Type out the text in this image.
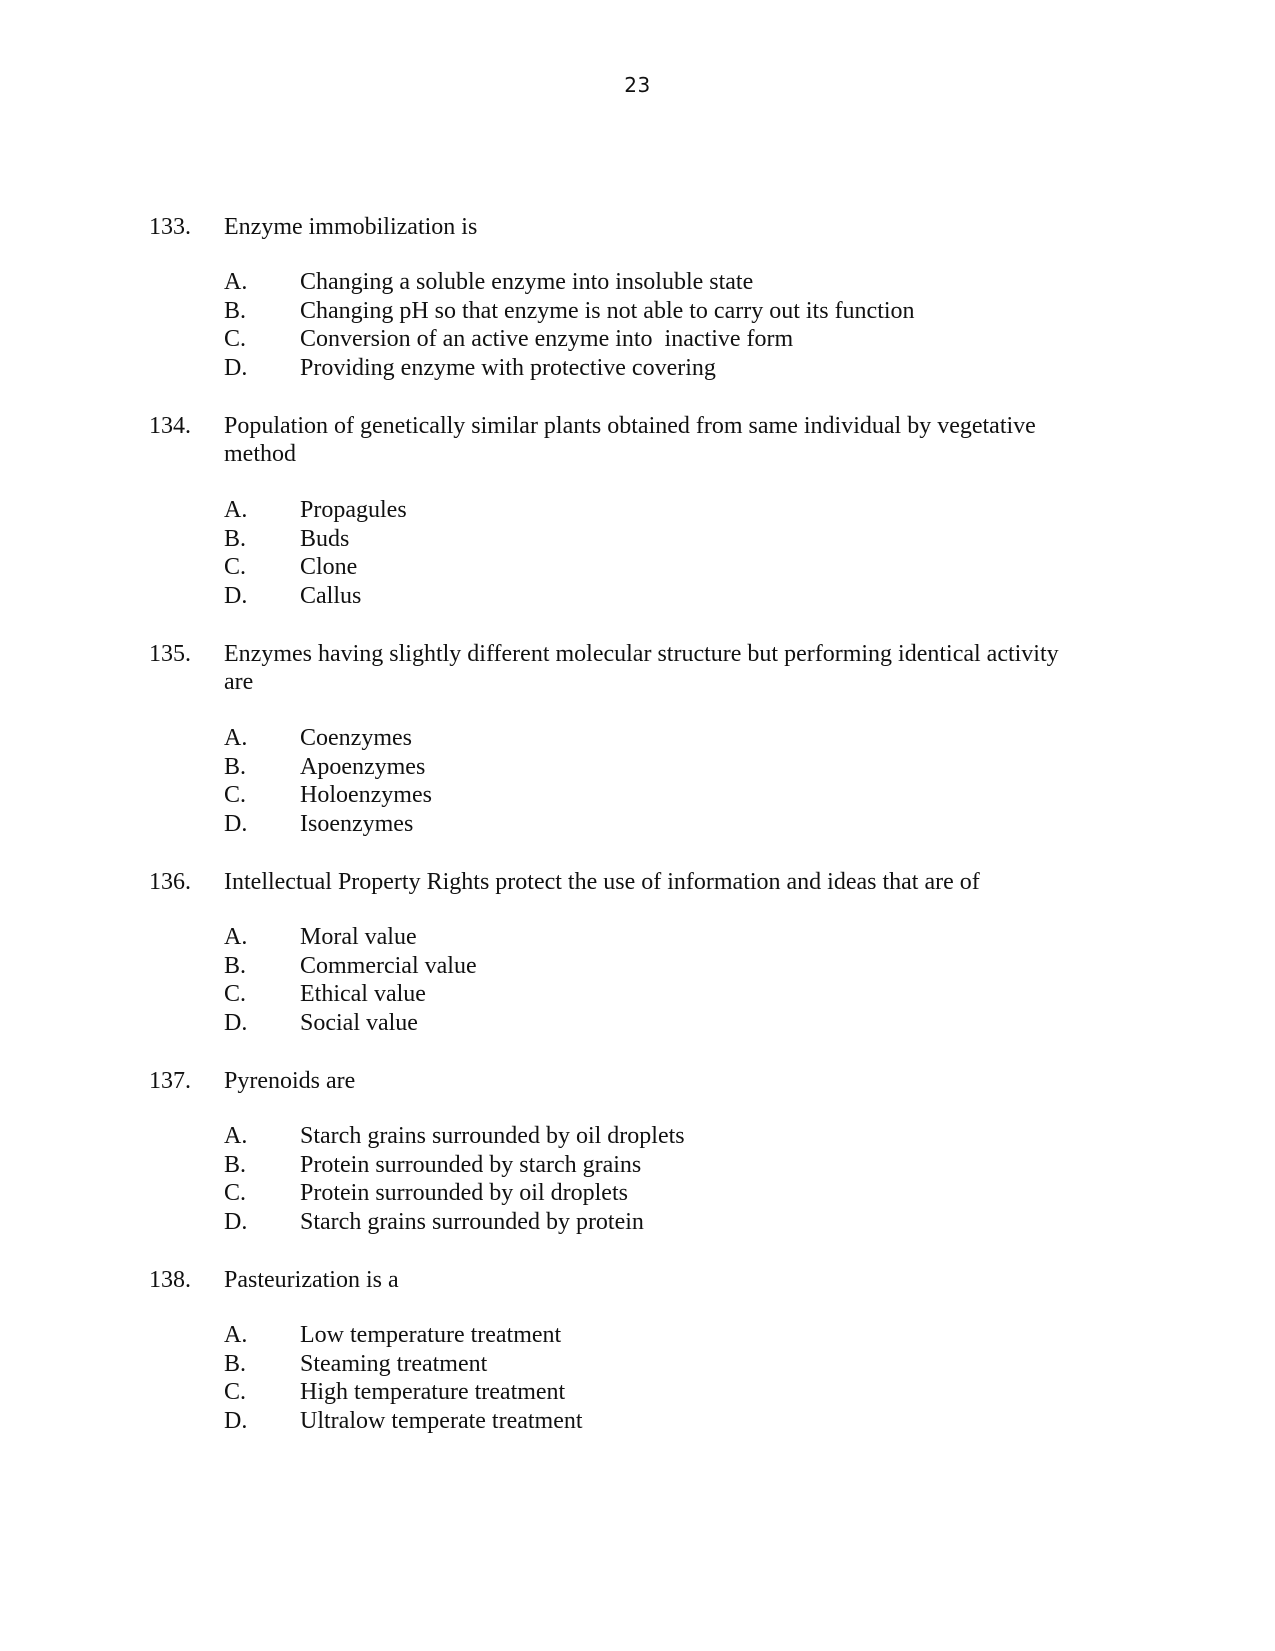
23
133. Enzyme immobilization is
A. Changing a soluble enzyme into insoluble state
B. Changing pH so that enzyme is not able to carry out its function
C. Conversion of an active enzyme into  inactive form
D. Providing enzyme with protective covering
134. Population of genetically similar plants obtained from same individual by vegetative method
A. Propagules
B. Buds
C. Clone
D. Callus
135. Enzymes having slightly different molecular structure but performing identical activity are
A. Coenzymes
B. Apoenzymes
C. Holoenzymes
D. Isoenzymes
136. Intellectual Property Rights protect the use of information and ideas that are of
A. Moral value
B. Commercial value
C. Ethical value
D. Social value
137. Pyrenoids are
A. Starch grains surrounded by oil droplets
B. Protein surrounded by starch grains
C. Protein surrounded by oil droplets
D. Starch grains surrounded by protein
138. Pasteurization is a
A. Low temperature treatment
B. Steaming treatment
C. High temperature treatment
D. Ultralow temperate treatment
